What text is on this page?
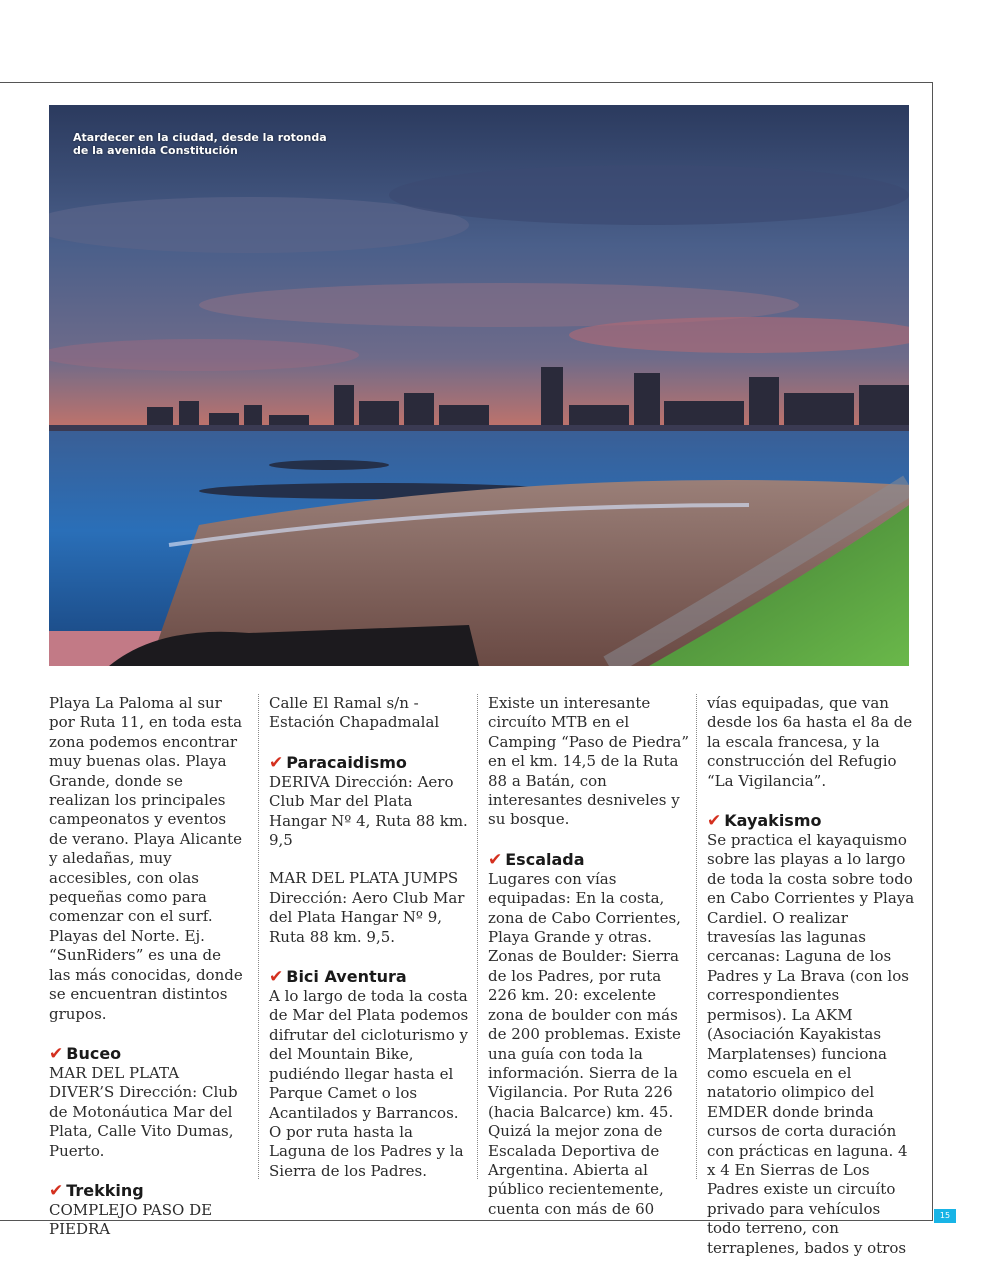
Atardecer en la ciudad, desde la rotonda de la avenida Constitución

Playa La Paloma al sur por Ruta 11, en toda esta zona podemos encontrar muy buenas olas. Playa Grande, donde se realizan los principales campeonatos y eventos de verano. Playa Alicante y aledañas, muy accesibles, con olas pequeñas como para comenzar con el surf. Playas del Norte. Ej. “SunRiders” es una de las más conocidas, donde se encuentran distintos grupos.

✔ Buceo

MAR DEL PLATA DIVER’S Dirección: Club de Motonáutica Mar del Plata, Calle Vito Dumas, Puerto.

✔ Trekking

COMPLEJO PASO DE PIEDRA

Calle El Ramal s/n - Estación Chapadmalal

✔ Paracaidismo

DERIVA Dirección: Aero Club Mar del Plata Hangar Nº 4, Ruta 88 km. 9,5

MAR DEL PLATA JUMPS Dirección: Aero Club Mar del Plata Hangar Nº 9, Ruta 88 km. 9,5.

✔ Bici Aventura

A lo largo de toda la costa de Mar del Plata podemos difrutar del cicloturismo y del Mountain Bike, pudiéndo llegar hasta el Parque Camet o los Acantilados y Barrancos. O por ruta hasta la Laguna de los Padres y la Sierra de los Padres.

Existe un interesante circuíto MTB en el Camping “Paso de Piedra” en el km. 14,5 de la Ruta 88 a Batán, con interesantes desniveles y su bosque.

✔ Escalada

Lugares con vías equipadas: En la costa, zona de Cabo Corrientes, Playa Grande y otras.

Zonas de Boulder: Sierra de los Padres, por ruta 226 km. 20: excelente zona de boulder con más de 200 problemas. Existe una guía con toda la información. Sierra de la Vigilancia. Por Ruta 226 (hacia Balcarce) km. 45. Quizá la mejor zona de Escalada Deportiva de Argentina. Abierta al público recientemente, cuenta con más de 60

vías equipadas, que van desde los 6a hasta el 8a de la escala francesa, y la construcción del Refugio “La Vigilancia”.

✔ Kayakismo

Se practica el kayaquismo sobre las playas a lo largo de toda la costa sobre todo en Cabo Corrientes y Playa Cardiel. O realizar travesías las lagunas cercanas: Laguna de los Padres y La Brava (con los correspondientes permisos). La AKM (Asociación Kayakistas Marplatenses) funciona como escuela en el natatorio olimpico del EMDER donde brinda cursos de corta duración con prácticas en laguna. 4 x 4 En Sierras de Los Padres existe un circuíto privado para vehículos todo terreno, con terraplenes, bados y otros

15
